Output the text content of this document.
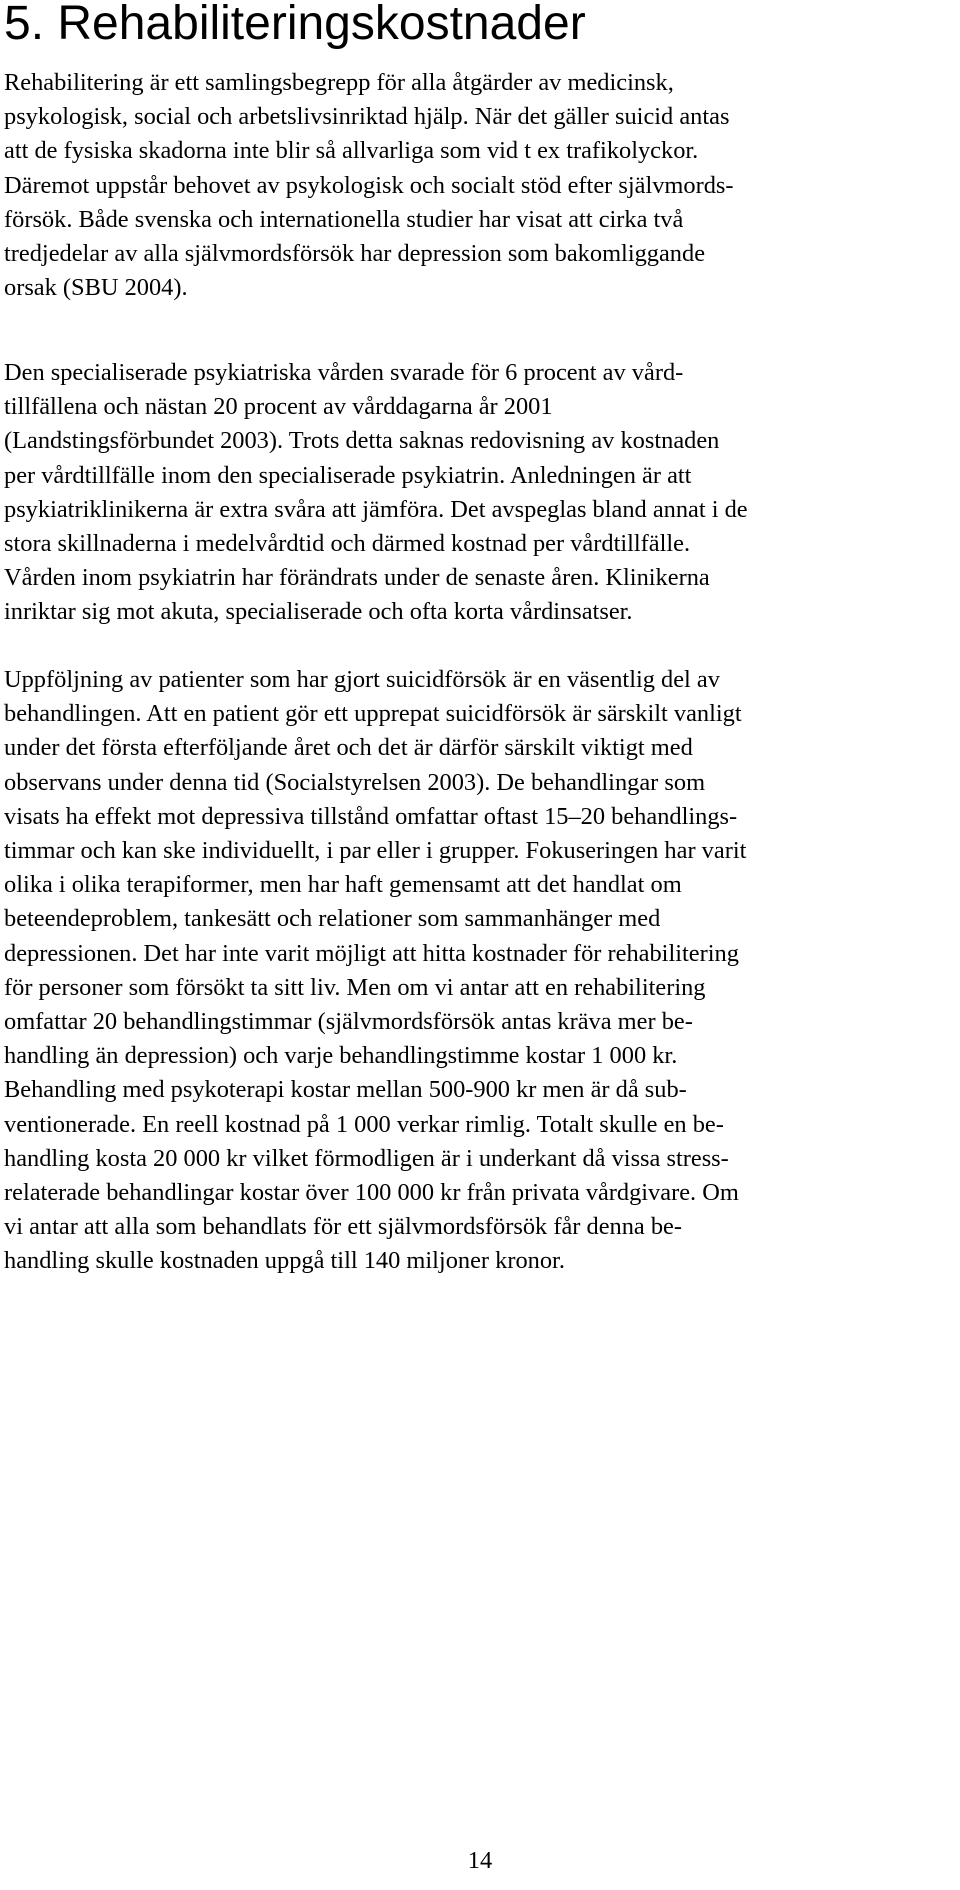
5. Rehabiliteringskostnader

Rehabilitering är ett samlingsbegrepp för alla åtgärder av medicinsk,
psykologisk, social och arbetslivsinriktad hjälp. När det gäller suicid antas
att de fysiska skadorna inte blir så allvarliga som vid t ex trafikolyckor.
Däremot uppstår behovet av psykologisk och socialt stöd efter självmords-
försök. Både svenska och internationella studier har visat att cirka två
tredjedelar av alla självmordsförsök har depression som bakomliggande
orsak (SBU 2004).

Den specialiserade psykiatriska vården svarade för 6 procent av vård-
tillfällena och nästan 20 procent av vårddagarna år 2001
(Landstingsförbundet 2003). Trots detta saknas redovisning av kostnaden
per vårdtillfälle inom den specialiserade psykiatrin. Anledningen är att
psykiatriklinikerna är extra svåra att jämföra. Det avspeglas bland annat i de
stora skillnaderna i medelvårdtid och därmed kostnad per vårdtillfälle.
Vården inom psykiatrin har förändrats under de senaste åren. Klinikerna
inriktar sig mot akuta, specialiserade och ofta korta vårdinsatser.

Uppföljning av patienter som har gjort suicidförsök är en väsentlig del av
behandlingen. Att en patient gör ett upprepat suicidförsök är särskilt vanligt
under det första efterföljande året och det är därför särskilt viktigt med
observans under denna tid (Socialstyrelsen 2003). De behandlingar som
visats ha effekt mot depressiva tillstånd omfattar oftast 15–20 behandlings-
timmar och kan ske individuellt, i par eller i grupper. Fokuseringen har varit
olika i olika terapiformer, men har haft gemensamt att det handlat om
beteendeproblem, tankesätt och relationer som sammanhänger med
depressionen. Det har inte varit möjligt att hitta kostnader för rehabilitering
för personer som försökt ta sitt liv. Men om vi antar att en rehabilitering
omfattar 20 behandlingstimmar (självmordsförsök antas kräva mer be-
handling än depression) och varje behandlingstimme kostar 1 000 kr.
Behandling med psykoterapi kostar mellan 500-900 kr men är då sub-
ventionerade. En reell kostnad på 1 000 verkar rimlig. Totalt skulle en be-
handling kosta 20 000 kr vilket förmodligen är i underkant då vissa stress-
relaterade behandlingar kostar över 100 000 kr från privata vårdgivare. Om
vi antar att alla som behandlats för ett självmordsförsök får denna be-
handling skulle kostnaden uppgå till 140 miljoner kronor.

14
